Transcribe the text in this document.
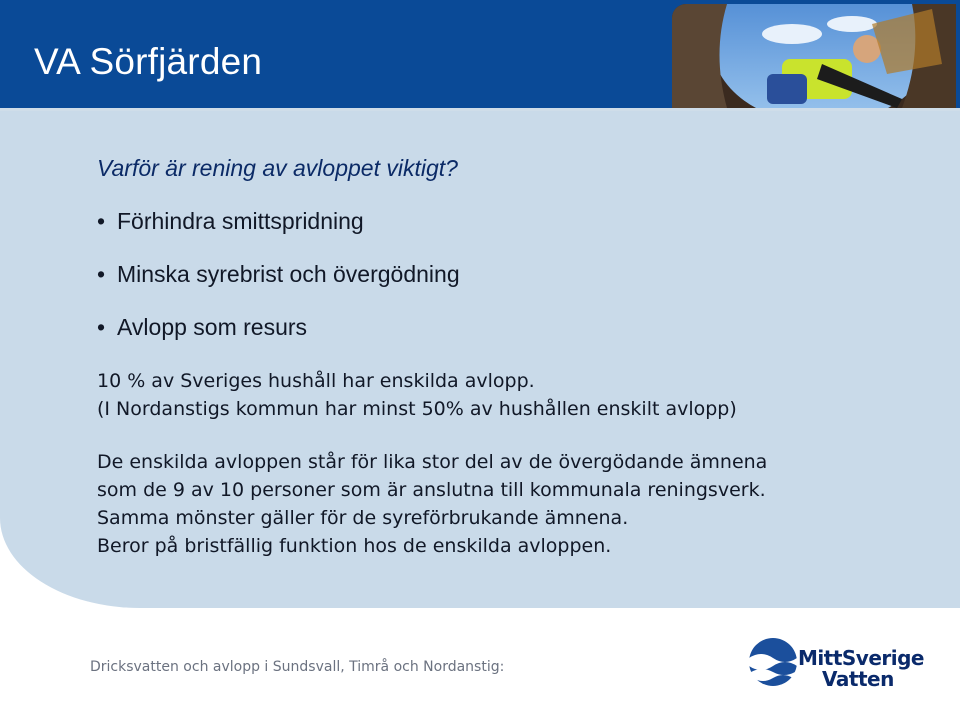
VA Sörfjärden
Varför är rening av avloppet viktigt?
• Förhindra smittspridning
• Minska syrebrist och övergödning
• Avlopp som resurs
10 % av Sveriges hushåll har enskilda avlopp.
(I Nordanstigs kommun har minst 50% av hushållen enskilt avlopp)
De enskilda avloppen står för lika stor del av de övergödande ämnena
som de 9 av 10 personer som är anslutna till kommunala reningsverk.
Samma mönster gäller för de syreförbrukande ämnena.
Beror på bristfällig funktion hos de enskilda avloppen.
Dricksvatten och avlopp i Sundsvall, Timrå och Nordanstig:	MittSverige
Vatten
